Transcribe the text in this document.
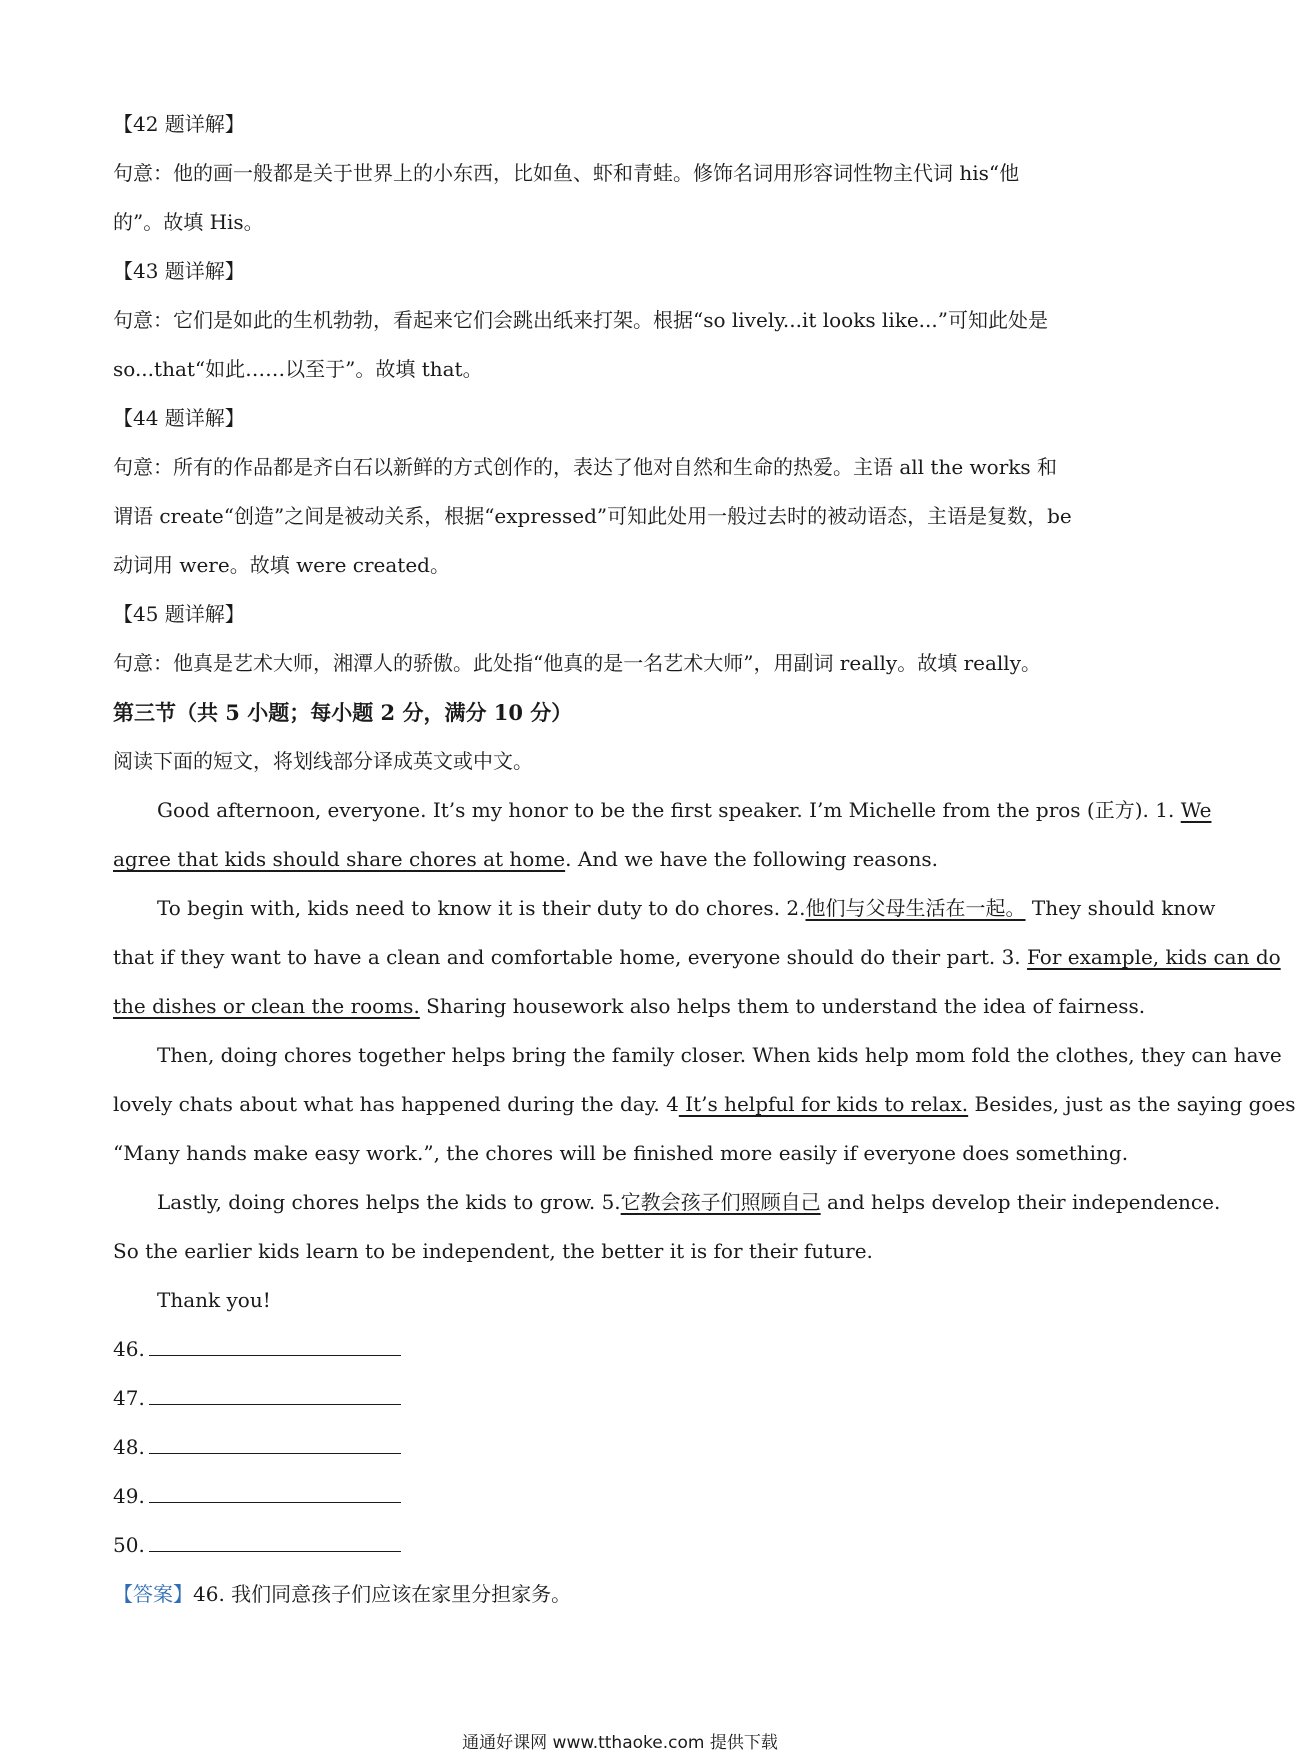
【42 题详解】

句意：他的画一般都是关于世界上的小东西，比如鱼、虾和青蛙。修饰名词用形容词性物主代词 his“他

的”。故填 His。

【43 题详解】

句意：它们是如此的生机勃勃，看起来它们会跳出纸来打架。根据“so lively...it looks like...”可知此处是

so...that“如此……以至于”。故填 that。

【44 题详解】

句意：所有的作品都是齐白石以新鲜的方式创作的，表达了他对自然和生命的热爱。主语 all the works 和

谓语 create“创造”之间是被动关系，根据“expressed”可知此处用一般过去时的被动语态，主语是复数，be

动词用 were。故填 were created。

【45 题详解】

句意：他真是艺术大师，湘潭人的骄傲。此处指“他真的是一名艺术大师”，用副词 really。故填 really。

第三节（共 5 小题；每小题 2 分，满分 10 分）

阅读下面的短文，将划线部分译成英文或中文。

Good afternoon, everyone. It’s my honor to be the first speaker. I’m Michelle from the pros (正方). 1. We

agree that kids should share chores at home. And we have the following reasons.

To begin with, kids need to know it is their duty to do chores. 2.他们与父母生活在一起。 They should know

that if they want to have a clean and comfortable home, everyone should do their part. 3. For example, kids can do

the dishes or clean the rooms. Sharing housework also helps them to understand the idea of fairness.

Then, doing chores together helps bring the family closer. When kids help mom fold the clothes, they can have

lovely chats about what has happened during the day. 4 It’s helpful for kids to relax. Besides, just as the saying goes

“Many hands make easy work.”, the chores will be finished more easily if everyone does something.

Lastly, doing chores helps the kids to grow. 5.它教会孩子们照顾自己 and helps develop their independence.

So the earlier kids learn to be independent, the better it is for their future.

Thank you!

46.

47.

48.

49.

50.

【答案】46. 我们同意孩子们应该在家里分担家务。

通通好课网 www.tthaoke.com 提供下载
